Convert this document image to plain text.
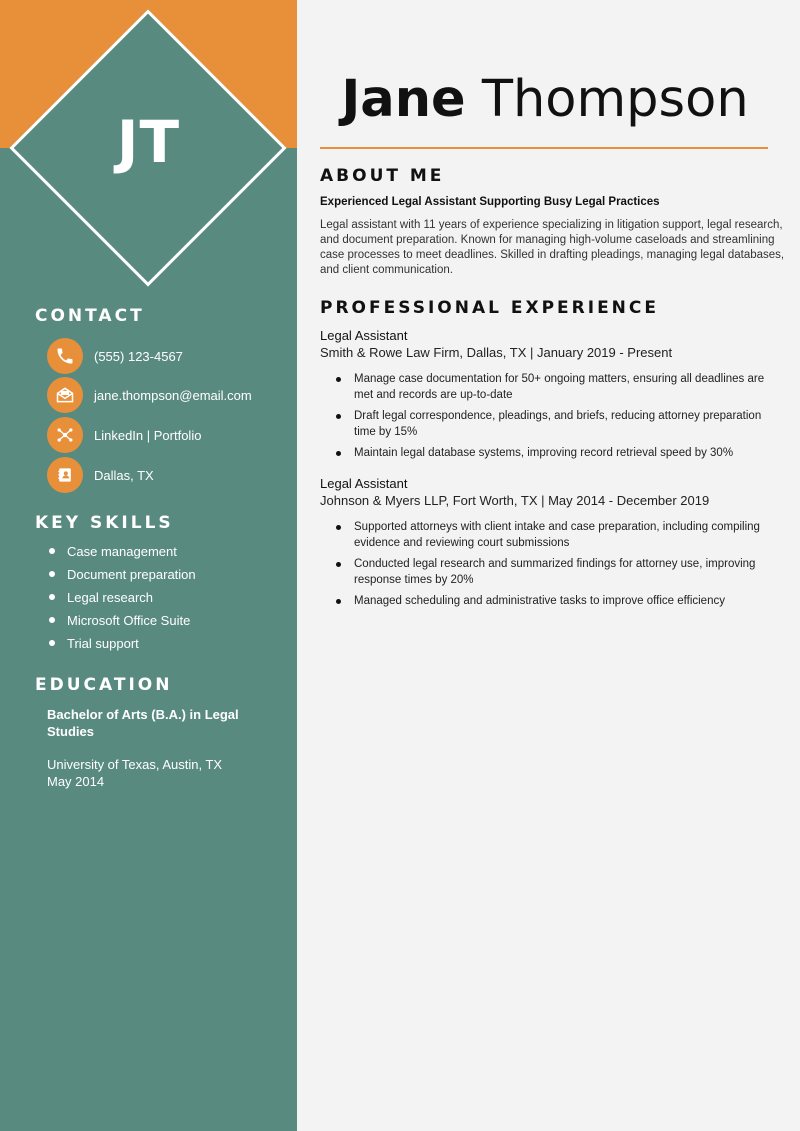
JT
CONTACT
(555) 123-4567
jane.thompson@email.com
LinkedIn | Portfolio
Dallas, TX
KEY SKILLS
Case management
Document preparation
Legal research
Microsoft Office Suite
Trial support
EDUCATION
Bachelor of Arts (B.A.) in Legal Studies
University of Texas, Austin, TX
May 2014
Jane Thompson
ABOUT ME
Experienced Legal Assistant Supporting Busy Legal Practices
Legal assistant with 11 years of experience specializing in litigation support, legal research, and document preparation. Known for managing high-volume caseloads and streamlining case processes to meet deadlines. Skilled in drafting pleadings, managing legal databases, and client communication.
PROFESSIONAL EXPERIENCE
Legal Assistant
Smith & Rowe Law Firm, Dallas, TX | January 2019 - Present
Manage case documentation for 50+ ongoing matters, ensuring all deadlines are met and records are up-to-date
Draft legal correspondence, pleadings, and briefs, reducing attorney preparation time by 15%
Maintain legal database systems, improving record retrieval speed by 30%
Legal Assistant
Johnson & Myers LLP, Fort Worth, TX | May 2014 - December 2019
Supported attorneys with client intake and case preparation, including compiling evidence and reviewing court submissions
Conducted legal research and summarized findings for attorney use, improving response times by 20%
Managed scheduling and administrative tasks to improve office efficiency
